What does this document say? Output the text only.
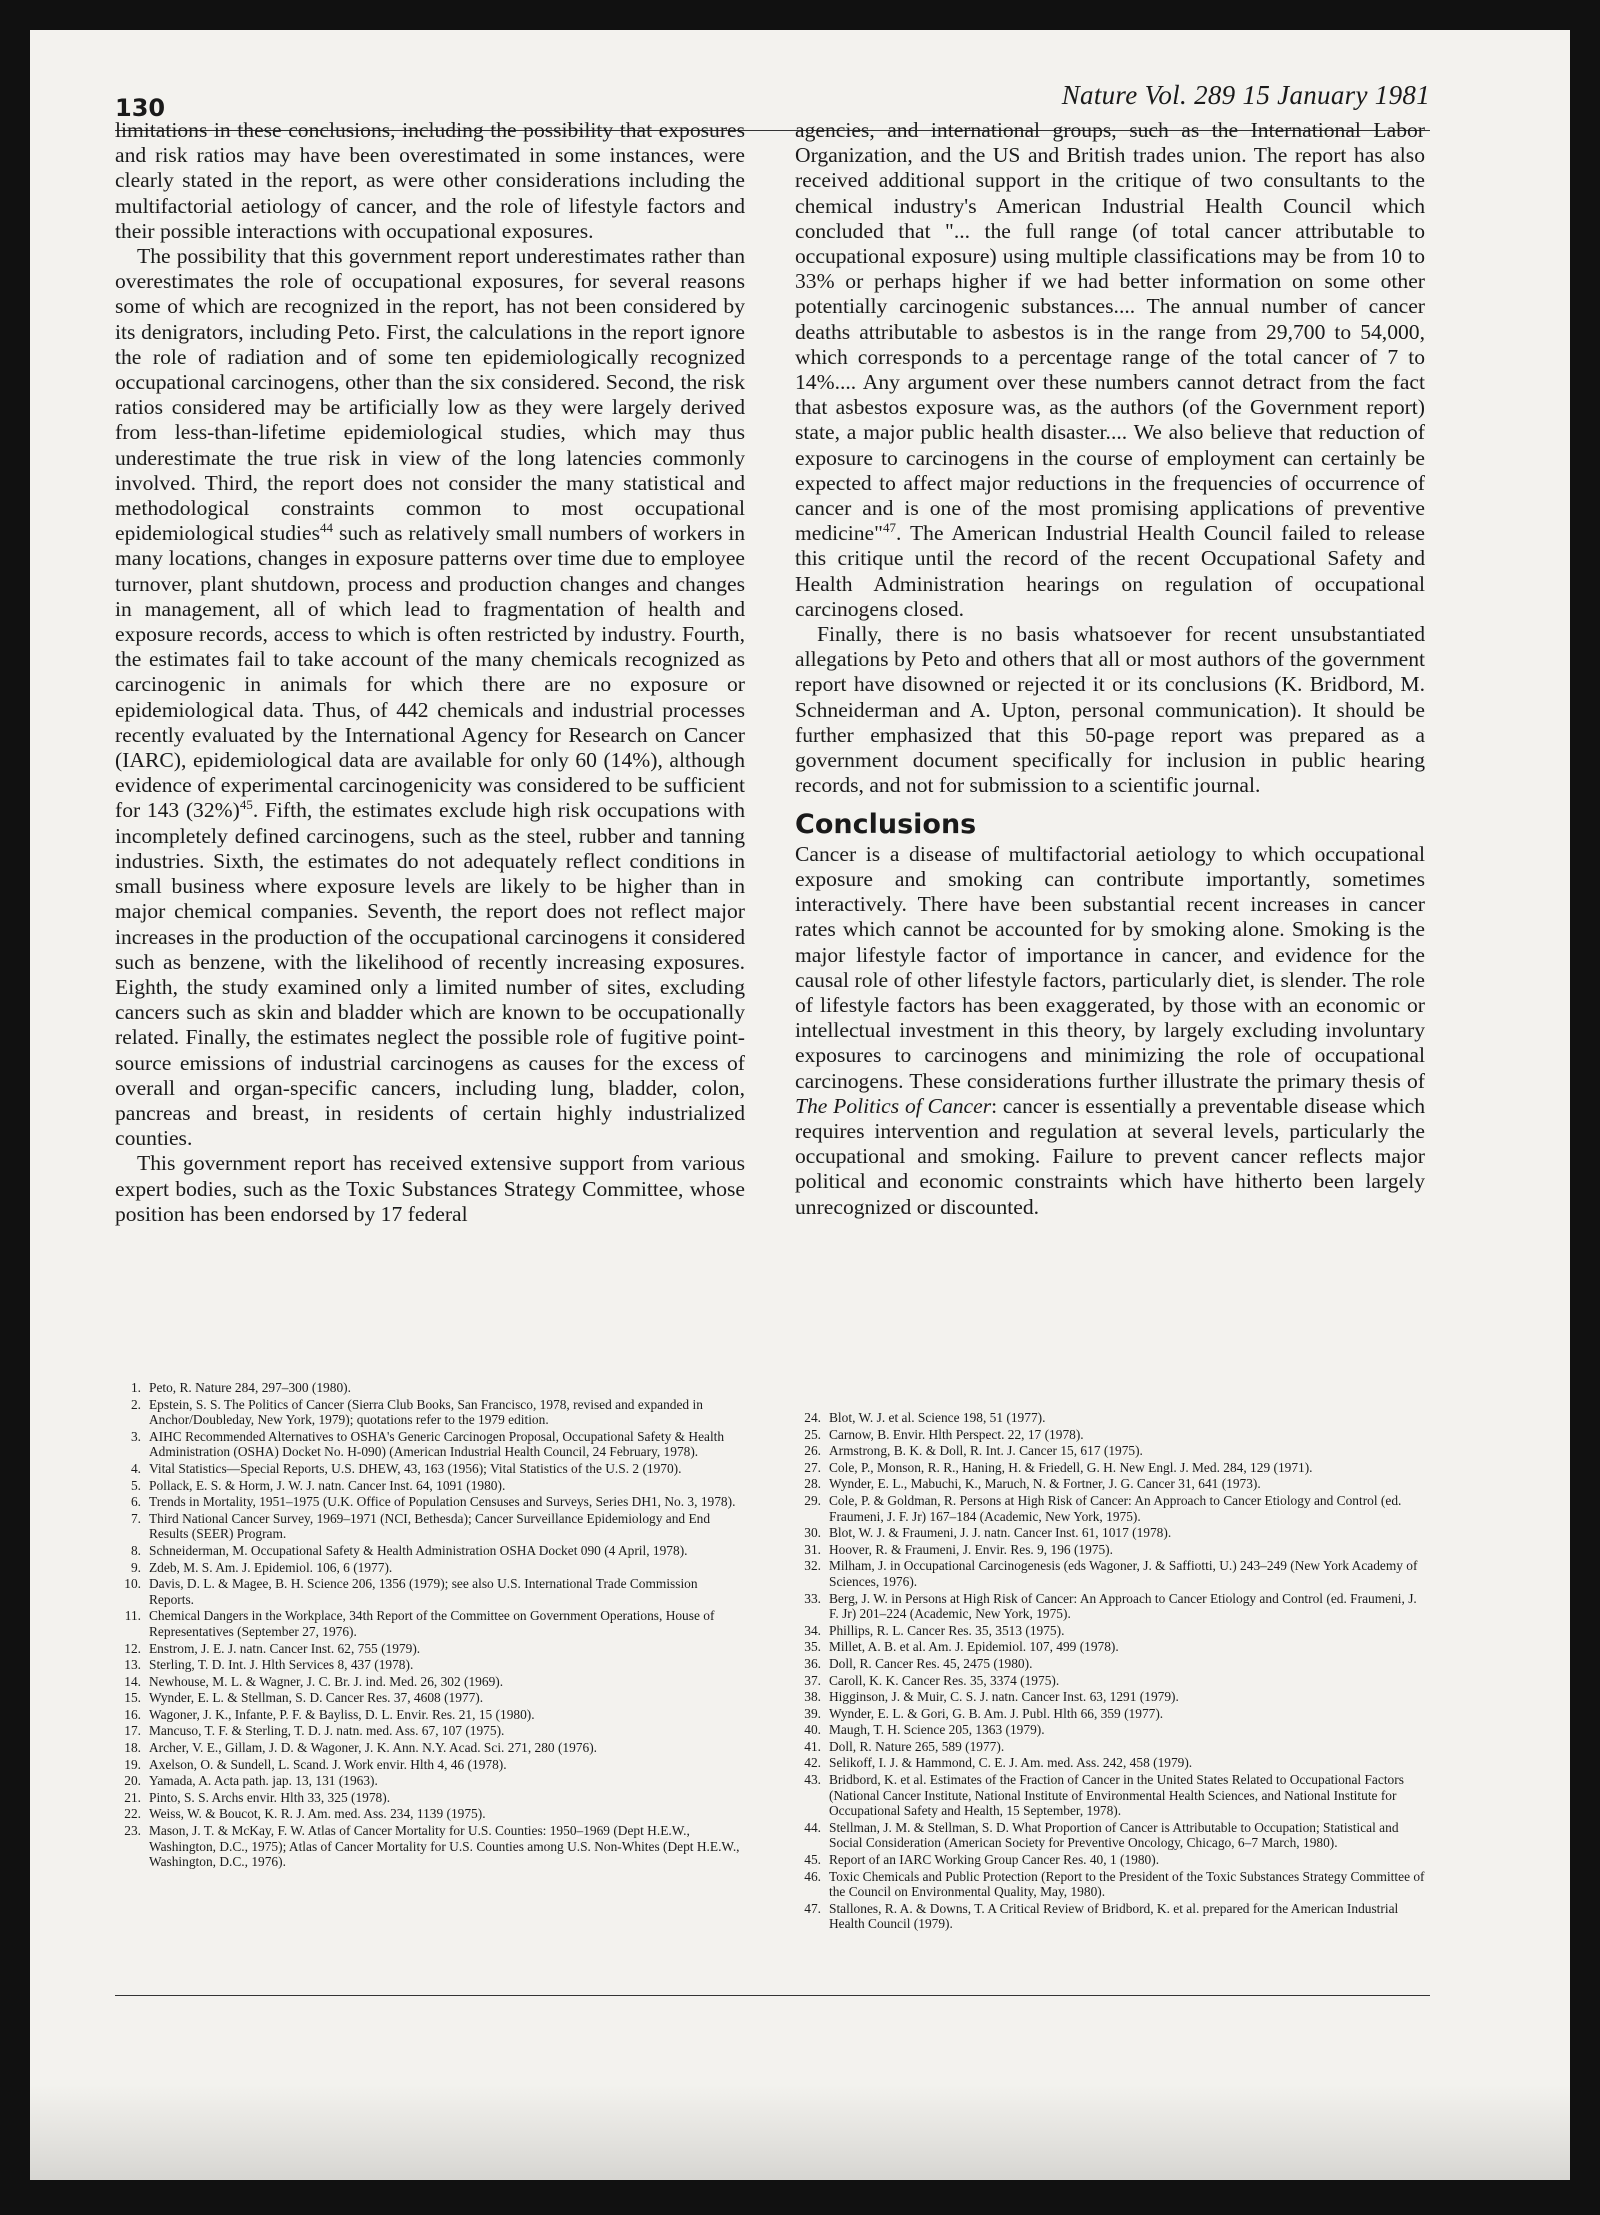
130	Nature Vol. 289 15 January 1981

limitations in these conclusions, including the possibility that exposures and risk ratios may have been overestimated in some instances, were clearly stated in the report, as were other considerations including the multifactorial aetiology of cancer, and the role of lifestyle factors and their possible interactions with occupational exposures.

The possibility that this government report underestimates rather than overestimates the role of occupational exposures, for several reasons some of which are recognized in the report, has not been considered by its denigrators, including Peto. First, the calculations in the report ignore the role of radiation and of some ten epidemiologically recognized occupational carcinogens, other than the six considered. Second, the risk ratios considered may be artificially low as they were largely derived from less-than-lifetime epidemiological studies, which may thus underestimate the true risk in view of the long latencies commonly involved. Third, the report does not consider the many statistical and methodological constraints common to most occupational epidemiological studies$^{44}$ such as relatively small numbers of workers in many locations, changes in exposure patterns over time due to employee turnover, plant shutdown, process and production changes and changes in management, all of which lead to fragmentation of health and exposure records, access to which is often restricted by industry. Fourth, the estimates fail to take account of the many chemicals recognized as carcinogenic in animals for which there are no exposure or epidemiological data. Thus, of 442 chemicals and industrial processes recently evaluated by the International Agency for Research on Cancer (IARC), epidemiological data are available for only 60 (14%), although evidence of experimental carcinogenicity was considered to be sufficient for 143 $(32\%)^{45}$. Fifth, the estimates exclude high risk occupations with incompletely defined carcinogens, such as the steel, rubber and tanning industries. Sixth, the estimates do not adequately reflect conditions in small business where exposure levels are likely to be higher than in major chemical companies. Seventh, the report does not reflect major increases in the production of the occupational carcinogens it considered such as benzene, with the likelihood of recently increasing exposures. Eighth, the study examined only a limited number of sites, excluding cancers such as skin and bladder which are known to be occupationally related. Finally, the estimates neglect the possible role of fugitive point-source emissions of industrial carcinogens as causes for the excess of overall and organ-specific cancers, including lung, bladder, colon, pancreas and breast, in residents of certain highly industrialized counties.

This government report has received extensive support from various expert bodies, such as the Toxic Substances Strategy Committee, whose position has been endorsed by 17 federal

agencies, and international groups, such as the International Labor Organization, and the US and British trades union. The report has also received additional support in the critique of two consultants to the chemical industry's American Industrial Health Council which concluded that "... the full range (of total cancer attributable to occupational exposure) using multiple classifications may be from 10 to 33% or perhaps higher if we had better information on some other potentially carcinogenic substances.... The annual number of cancer deaths attributable to asbestos is in the range from 29,700 to 54,000, which corresponds to a percentage range of the total cancer of 7 to 14%.... Any argument over these numbers cannot detract from the fact that asbestos exposure was, as the authors (of the Government report) state, a major public health disaster.... We also believe that reduction of exposure to carcinogens in the course of employment can certainly be expected to affect major reductions in the frequencies of occurrence of cancer and is one of the most promising applications of preventive medicine"$^{47}$. The American Industrial Health Council failed to release this critique until the record of the recent Occupational Safety and Health Administration hearings on regulation of occupational carcinogens closed.

Finally, there is no basis whatsoever for recent unsubstantiated allegations by Peto and others that all or most authors of the government report have disowned or rejected it or its conclusions (K. Bridbord, M. Schneiderman and A. Upton, personal communication). It should be further emphasized that this 50-page report was prepared as a government document specifically for inclusion in public hearing records, and not for submission to a scientific journal.

Conclusions

Cancer is a disease of multifactorial aetiology to which occupational exposure and smoking can contribute importantly, sometimes interactively. There have been substantial recent increases in cancer rates which cannot be accounted for by smoking alone. Smoking is the major lifestyle factor of importance in cancer, and evidence for the causal role of other lifestyle factors, particularly diet, is slender. The role of lifestyle factors has been exaggerated, by those with an economic or intellectual investment in this theory, by largely excluding involuntary exposures to carcinogens and minimizing the role of occupational carcinogens. These considerations further illustrate the primary thesis of The Politics of Cancer: cancer is essentially a preventable disease which requires intervention and regulation at several levels, particularly the occupational and smoking. Failure to prevent cancer reflects major political and economic constraints which have hitherto been largely unrecognized or discounted.

1. Peto, R. Nature 284, 297–300 (1980).
2. Epstein, S. S. The Politics of Cancer (Sierra Club Books, San Francisco, 1978, revised and expanded in Anchor/Doubleday, New York, 1979); quotations refer to the 1979 edition.
3. AIHC Recommended Alternatives to OSHA's Generic Carcinogen Proposal, Occupational Safety & Health Administration (OSHA) Docket No. H-090) (American Industrial Health Council, 24 February, 1978).
4. Vital Statistics—Special Reports, U.S. DHEW, 43, 163 (1956); Vital Statistics of the U.S. 2 (1970).
5. Pollack, E. S. & Horm, J. W. J. natn. Cancer Inst. 64, 1091 (1980).
6. Trends in Mortality, 1951–1975 (U.K. Office of Population Censuses and Surveys, Series DH1, No. 3, 1978).
7. Third National Cancer Survey, 1969–1971 (NCI, Bethesda); Cancer Surveillance Epidemiology and End Results (SEER) Program.
8. Schneiderman, M. Occupational Safety & Health Administration OSHA Docket 090 (4 April, 1978).
9. Zdeb, M. S. Am. J. Epidemiol. 106, 6 (1977).
10. Davis, D. L. & Magee, B. H. Science 206, 1356 (1979); see also U.S. International Trade Commission Reports.
11. Chemical Dangers in the Workplace, 34th Report of the Committee on Government Operations, House of Representatives (September 27, 1976).
12. Enstrom, J. E. J. natn. Cancer Inst. 62, 755 (1979).
13. Sterling, T. D. Int. J. Hlth Services 8, 437 (1978).
14. Newhouse, M. L. & Wagner, J. C. Br. J. ind. Med. 26, 302 (1969).
15. Wynder, E. L. & Stellman, S. D. Cancer Res. 37, 4608 (1977).
16. Wagoner, J. K., Infante, P. F. & Bayliss, D. L. Envir. Res. 21, 15 (1980).
17. Mancuso, T. F. & Sterling, T. D. J. natn. med. Ass. 67, 107 (1975).
18. Archer, V. E., Gillam, J. D. & Wagoner, J. K. Ann. N.Y. Acad. Sci. 271, 280 (1976).
19. Axelson, O. & Sundell, L. Scand. J. Work envir. Hlth 4, 46 (1978).
20. Yamada, A. Acta path. jap. 13, 131 (1963).
21. Pinto, S. S. Archs envir. Hlth 33, 325 (1978).
22. Weiss, W. & Boucot, K. R. J. Am. med. Ass. 234, 1139 (1975).
23. Mason, J. T. & McKay, F. W. Atlas of Cancer Mortality for U.S. Counties: 1950–1969 (Dept H.E.W., Washington, D.C., 1975); Atlas of Cancer Mortality for U.S. Counties among U.S. Non-Whites (Dept H.E.W., Washington, D.C., 1976).
24. Blot, W. J. et al. Science 198, 51 (1977).
25. Carnow, B. Envir. Hlth Perspect. 22, 17 (1978).
26. Armstrong, B. K. & Doll, R. Int. J. Cancer 15, 617 (1975).
27. Cole, P., Monson, R. R., Haning, H. & Friedell, G. H. New Engl. J. Med. 284, 129 (1971).
28. Wynder, E. L., Mabuchi, K., Maruch, N. & Fortner, J. G. Cancer 31, 641 (1973).
29. Cole, P. & Goldman, R. Persons at High Risk of Cancer: An Approach to Cancer Etiology and Control (ed. Fraumeni, J. F. Jr) 167–184 (Academic, New York, 1975).
30. Blot, W. J. & Fraumeni, J. J. natn. Cancer Inst. 61, 1017 (1978).
31. Hoover, R. & Fraumeni, J. Envir. Res. 9, 196 (1975).
32. Milham, J. in Occupational Carcinogenesis (eds Wagoner, J. & Saffiotti, U.) 243–249 (New York Academy of Sciences, 1976).
33. Berg, J. W. in Persons at High Risk of Cancer: An Approach to Cancer Etiology and Control (ed. Fraumeni, J. F. Jr) 201–224 (Academic, New York, 1975).
34. Phillips, R. L. Cancer Res. 35, 3513 (1975).
35. Millet, A. B. et al. Am. J. Epidemiol. 107, 499 (1978).
36. Doll, R. Cancer Res. 45, 2475 (1980).
37. Caroll, K. K. Cancer Res. 35, 3374 (1975).
38. Higginson, J. & Muir, C. S. J. natn. Cancer Inst. 63, 1291 (1979).
39. Wynder, E. L. & Gori, G. B. Am. J. Publ. Hlth 66, 359 (1977).
40. Maugh, T. H. Science 205, 1363 (1979).
41. Doll, R. Nature 265, 589 (1977).
42. Selikoff, I. J. & Hammond, C. E. J. Am. med. Ass. 242, 458 (1979).
43. Bridbord, K. et al. Estimates of the Fraction of Cancer in the United States Related to Occupational Factors (National Cancer Institute, National Institute of Environmental Health Sciences, and National Institute for Occupational Safety and Health, 15 September, 1978).
44. Stellman, J. M. & Stellman, S. D. What Proportion of Cancer is Attributable to Occupation; Statistical and Social Consideration (American Society for Preventive Oncology, Chicago, 6–7 March, 1980).
45. Report of an IARC Working Group Cancer Res. 40, 1 (1980).
46. Toxic Chemicals and Public Protection (Report to the President of the Toxic Substances Strategy Committee of the Council on Environmental Quality, May, 1980).
47. Stallones, R. A. & Downs, T. A Critical Review of Bridbord, K. et al. prepared for the American Industrial Health Council (1979).
